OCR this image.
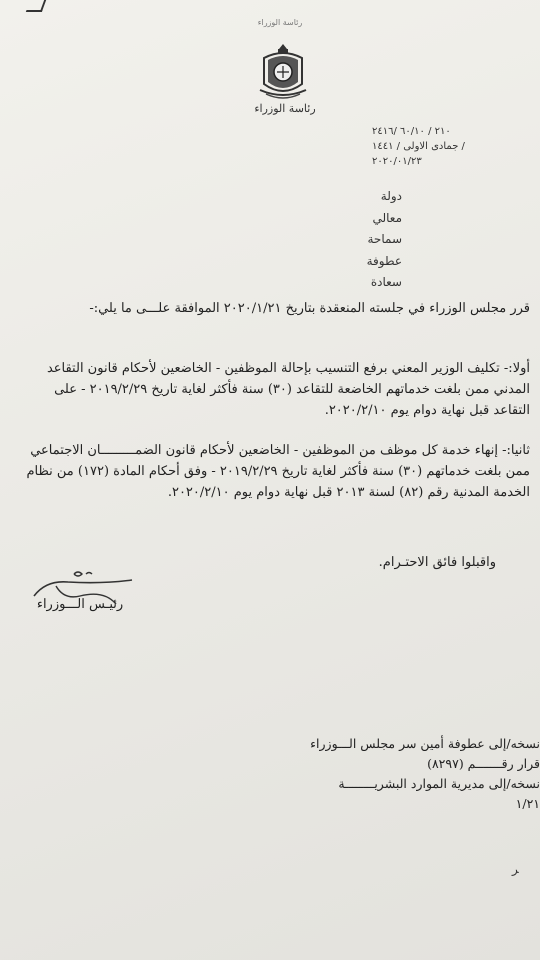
رئاسة الوزراء
رئاسة الوزراء
٢١٠ / ٦٠/١٠ /٢٤١٦
/ جمادى الاولى / ١٤٤١
٢٠٢٠/٠١/٢٣
دولة
معالي
سماحة
عطوفة
سعادة
قرر مجلس الوزراء في جلسته المنعقدة بتاريخ ٢٠٢٠/١/٢١ الموافقة علـــى ما يلي:-
أولا:- تكليف الوزير المعني برفع التنسيب بإحالة الموظفين - الخاضعين لأحكام قانون التقاعد المدني ممن بلغت خدماتهم الخاضعة للتقاعد (٣٠) سنة فأكثر لغاية تاريخ ٢٠١٩/٢/٢٩ - على التقاعد قبل نهاية دوام يوم ٢٠٢٠/٢/١٠.
ثانيا:- إنهاء خدمة كل موظف من الموظفين - الخاضعين لأحكام قانون الضمـــــــــان الاجتماعي ممن بلغت خدماتهم (٣٠) سنة فأكثر لغاية تاريخ ٢٠١٩/٢/٢٩ - وفق أحكام المادة (١٧٢) من نظام الخدمة المدنية رقم (٨٢) لسنة ٢٠١٣ قبل نهاية دوام يوم ٢٠٢٠/٢/١٠.
واقبلوا فائق الاحتـرام.
رئيـس الـــوزراء
نسخه/إلى عطوفة أمين سر مجلس الـــوزراء
قرار رقـــــــم (٨٢٩٧)
نسخه/إلى مديرية الموارد البشريــــــــة
١/٢١
ﺮ
